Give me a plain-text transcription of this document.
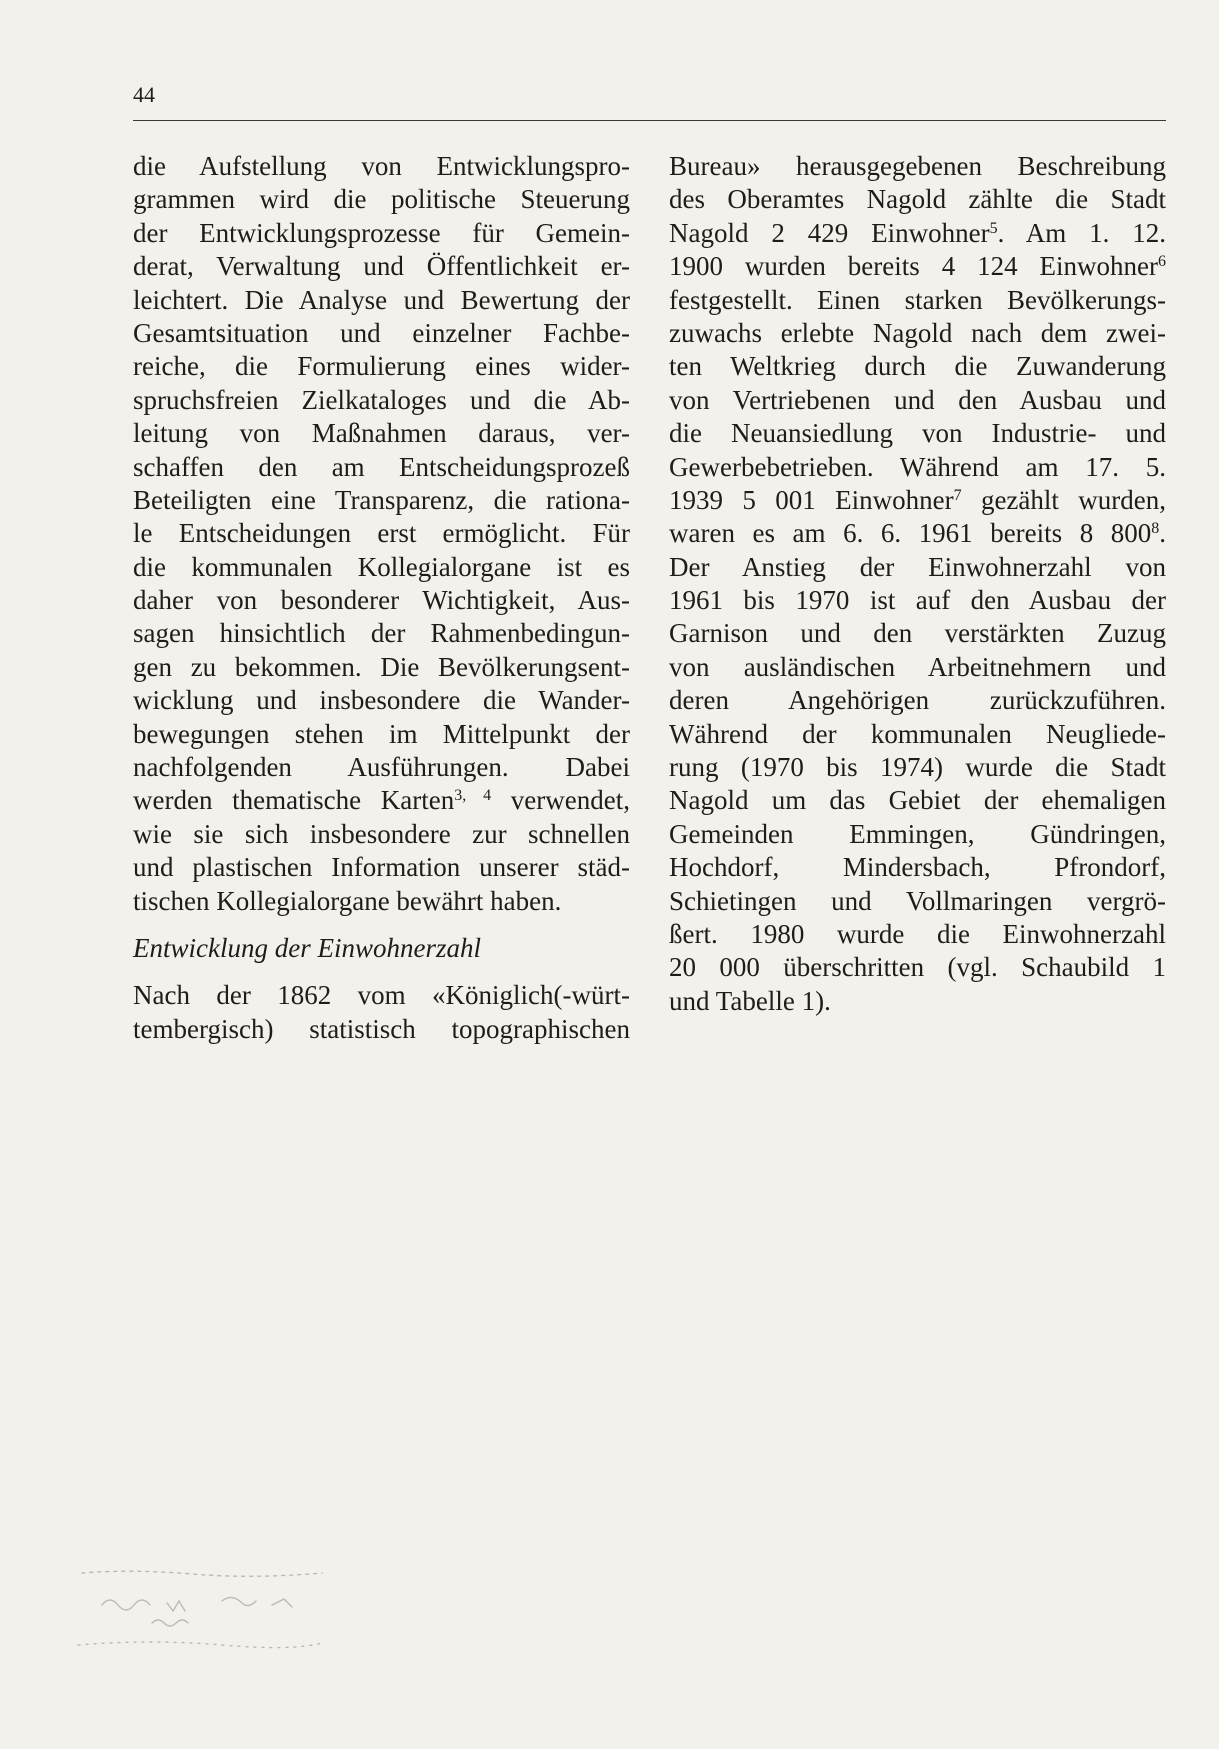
44
die Aufstellung von Entwicklungspro-
grammen wird die politische Steuerung
der Entwicklungsprozesse für Gemein-
derat, Verwaltung und Öffentlichkeit er-
leichtert. Die Analyse und Bewertung der
Gesamtsituation und einzelner Fachbe-
reiche, die Formulierung eines wider-
spruchsfreien Zielkataloges und die Ab-
leitung von Maßnahmen daraus, ver-
schaffen den am Entscheidungsprozeß
Beteiligten eine Transparenz, die rationa-
le Entscheidungen erst ermöglicht. Für
die kommunalen Kollegialorgane ist es
daher von besonderer Wichtigkeit, Aus-
sagen hinsichtlich der Rahmenbedingun-
gen zu bekommen. Die Bevölkerungsent-
wicklung und insbesondere die Wander-
bewegungen stehen im Mittelpunkt der
nachfolgenden Ausführungen. Dabei
werden thematische Karten$^{3, 4}$ verwendet,
wie sie sich insbesondere zur schnellen
und plastischen Information unserer städ-
tischen Kollegialorgane bewährt haben.
Entwicklung der Einwohnerzahl
Nach der 1862 vom «Königlich(-würt-
tembergisch) statistisch topographischen
Bureau» herausgegebenen Beschreibung
des Oberamtes Nagold zählte die Stadt
Nagold 2 429 Einwohner$^5$. Am 1. 12.
1900 wurden bereits 4 124 Einwohner$^6$
festgestellt. Einen starken Bevölkerungs-
zuwachs erlebte Nagold nach dem zwei-
ten Weltkrieg durch die Zuwanderung
von Vertriebenen und den Ausbau und
die Neuansiedlung von Industrie- und
Gewerbebetrieben. Während am 17. 5.
1939 5 001 Einwohner$^7$ gezählt wurden,
waren es am 6. 6. 1961 bereits 8 $800^8$.
Der Anstieg der Einwohnerzahl von
1961 bis 1970 ist auf den Ausbau der
Garnison und den verstärkten Zuzug
von ausländischen Arbeitnehmern und
deren Angehörigen zurückzuführen.
Während der kommunalen Neugliede-
rung (1970 bis 1974) wurde die Stadt
Nagold um das Gebiet der ehemaligen
Gemeinden Emmingen, Gündringen,
Hochdorf, Mindersbach, Pfrondorf,
Schietingen und Vollmaringen vergrö-
ßert. 1980 wurde die Einwohnerzahl
20 000 überschritten (vgl. Schaubild 1
und Tabelle 1).
